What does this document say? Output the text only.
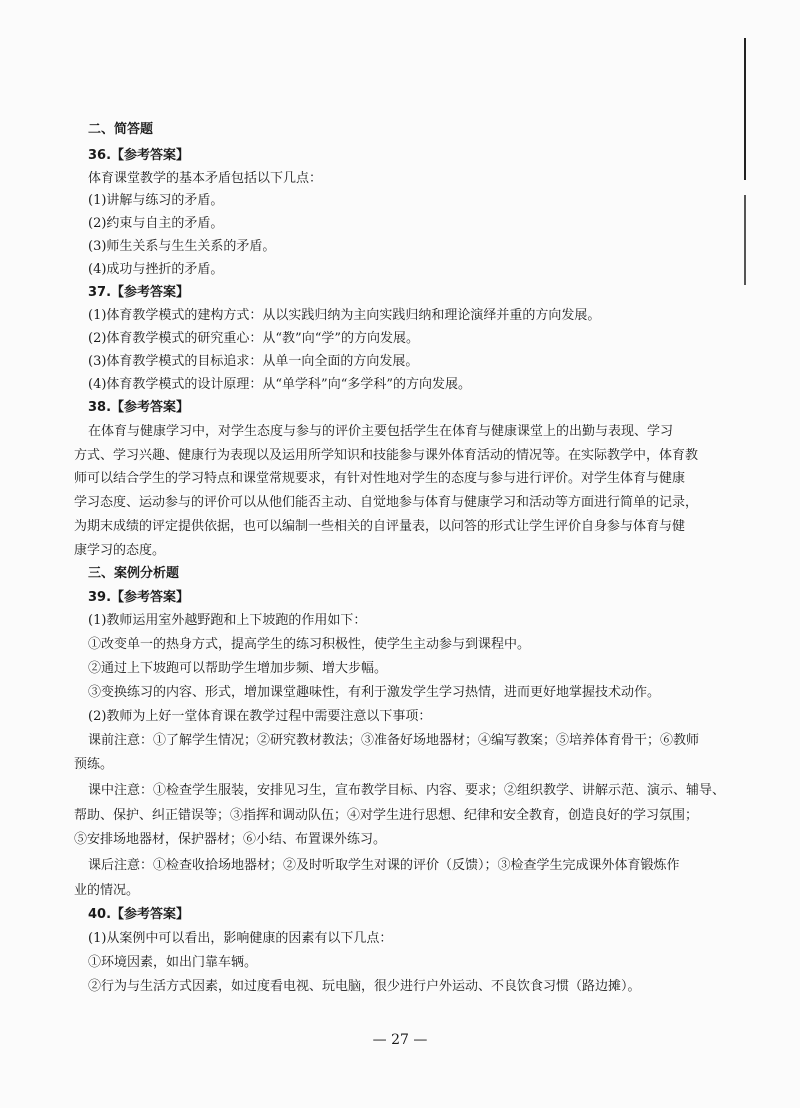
二、简答题
36.【参考答案】
体育课堂教学的基本矛盾包括以下几点：
(1)讲解与练习的矛盾。
(2)约束与自主的矛盾。
(3)师生关系与生生关系的矛盾。
(4)成功与挫折的矛盾。
37.【参考答案】
(1)体育教学模式的建构方式：从以实践归纳为主向实践归纳和理论演绎并重的方向发展。
(2)体育教学模式的研究重心：从“教”向“学”的方向发展。
(3)体育教学模式的目标追求：从单一向全面的方向发展。
(4)体育教学模式的设计原理：从“单学科”向“多学科”的方向发展。
38.【参考答案】
在体育与健康学习中，对学生态度与参与的评价主要包括学生在体育与健康课堂上的出勤与表现、学习
方式、学习兴趣、健康行为表现以及运用所学知识和技能参与课外体育活动的情况等。在实际教学中，体育教
师可以结合学生的学习特点和课堂常规要求，有针对性地对学生的态度与参与进行评价。对学生体育与健康
学习态度、运动参与的评价可以从他们能否主动、自觉地参与体育与健康学习和活动等方面进行简单的记录，
为期末成绩的评定提供依据，也可以编制一些相关的自评量表，以问答的形式让学生评价自身参与体育与健
康学习的态度。
三、案例分析题
39.【参考答案】
(1)教师运用室外越野跑和上下坡跑的作用如下：
①改变单一的热身方式，提高学生的练习积极性，使学生主动参与到课程中。
②通过上下坡跑可以帮助学生增加步频、增大步幅。
③变换练习的内容、形式，增加课堂趣味性，有利于激发学生学习热情，进而更好地掌握技术动作。
(2)教师为上好一堂体育课在教学过程中需要注意以下事项：
课前注意：①了解学生情况；②研究教材教法；③准备好场地器材；④编写教案；⑤培养体育骨干；⑥教师
预练。
课中注意：①检查学生服装，安排见习生，宣布教学目标、内容、要求；②组织教学、讲解示范、演示、辅导、
帮助、保护、纠正错误等；③指挥和调动队伍；④对学生进行思想、纪律和安全教育，创造良好的学习氛围；
⑤安排场地器材，保护器材；⑥小结、布置课外练习。
课后注意：①检查收拾场地器材；②及时听取学生对课的评价（反馈）；③检查学生完成课外体育锻炼作
业的情况。
40.【参考答案】
(1)从案例中可以看出，影响健康的因素有以下几点：
①环境因素，如出门靠车辆。
②行为与生活方式因素，如过度看电视、玩电脑，很少进行户外运动、不良饮食习惯（路边摊）。
— 27 —
